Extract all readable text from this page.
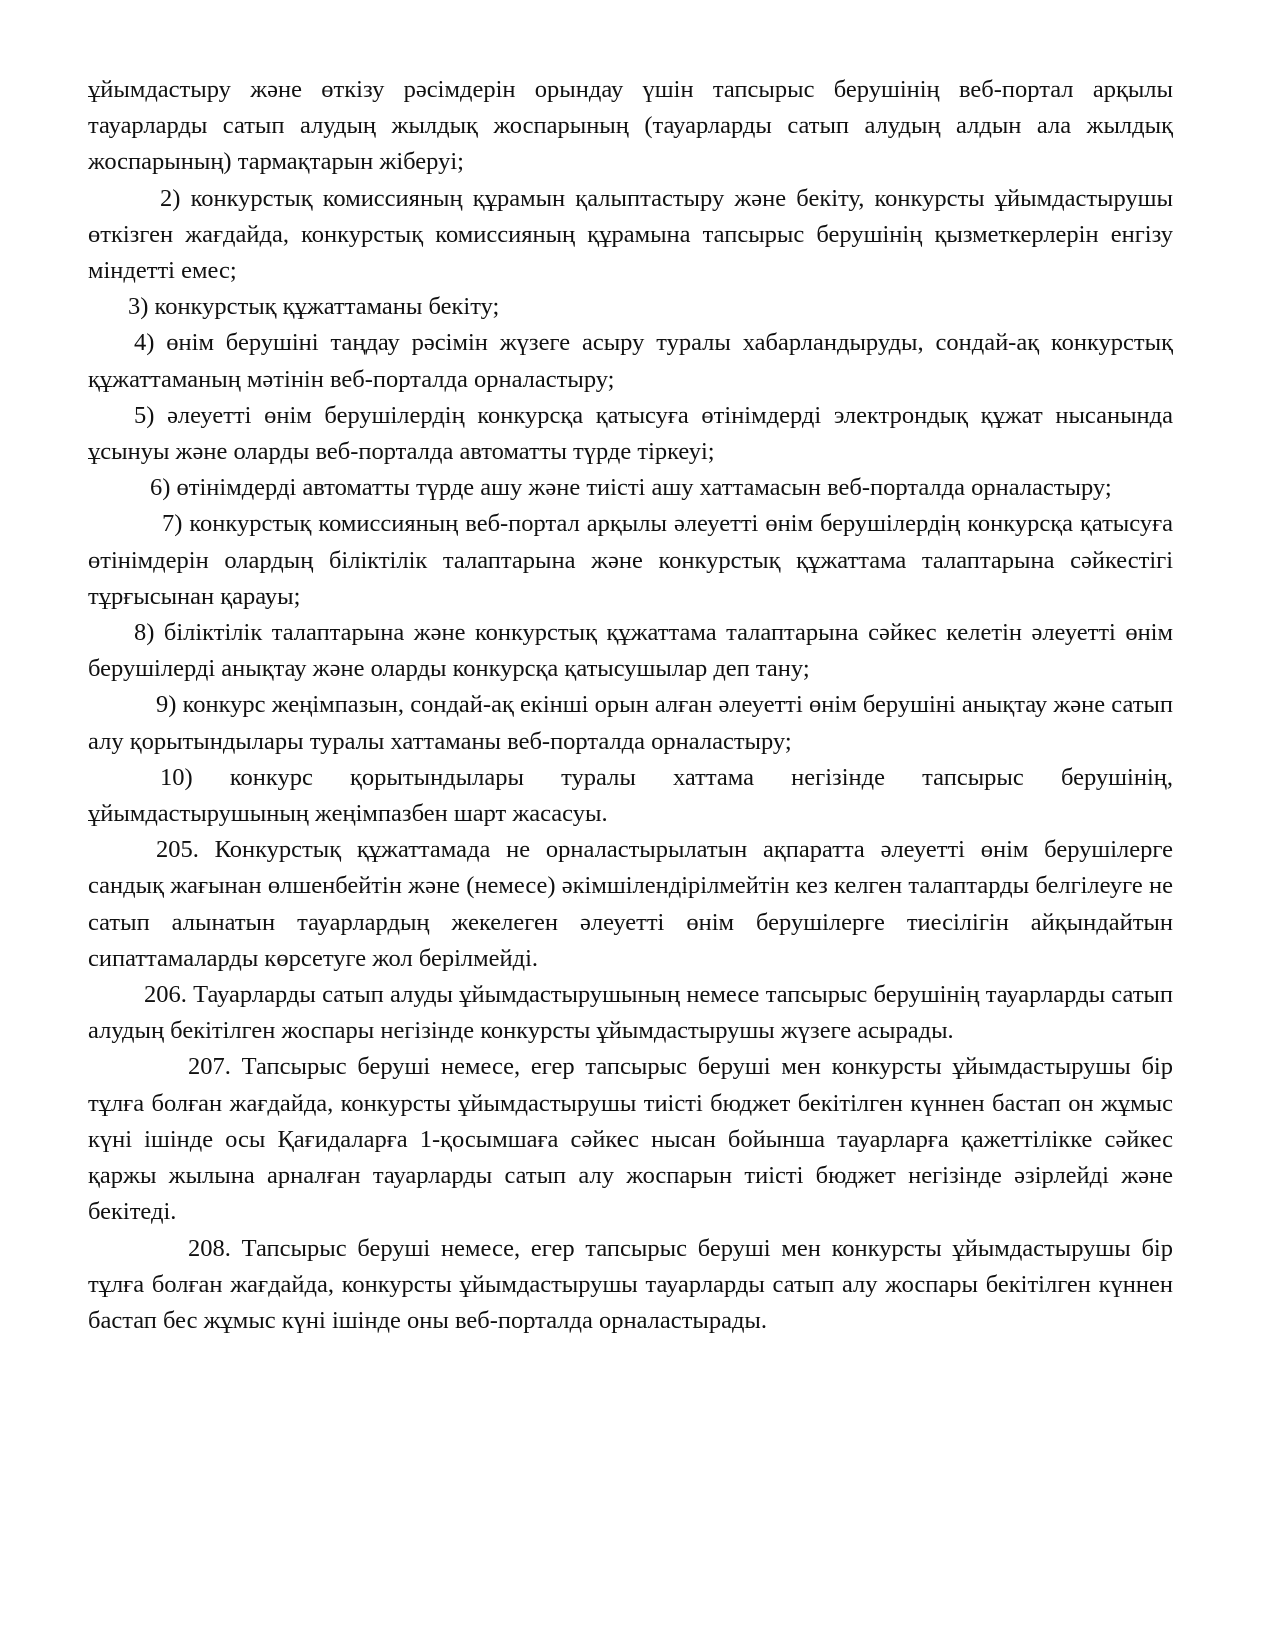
ұйымдастыру және өткізу рәсімдерін орындау үшін тапсырыс берушінің веб-портал арқылы тауарларды сатып алудың жылдық жоспарының (тауарларды сатып алудың алдын ала жылдық жоспарының) тармақтарын жіберуі;

2) конкурстық комиссияның құрамын қалыптастыру және бекіту, конкурсты ұйымдастырушы өткізген жағдайда, конкурстық комиссияның құрамына тапсырыс берушінің қызметкерлерін енгізу міндетті емес;

3) конкурстық құжаттаманы бекіту;

4) өнім берушіні таңдау рәсімін жүзеге асыру туралы хабарландыруды, сондай-ақ конкурстық құжаттаманың мәтінін веб-порталда орналастыру;

5) әлеуетті өнім берушілердің конкурсқа қатысуға өтінімдерді электрондық құжат нысанында ұсынуы және оларды веб-порталда автоматты түрде тіркеуі;

6) өтінімдерді автоматты түрде ашу және тиісті ашу хаттамасын веб-порталда орналастыру;

7) конкурстық комиссияның веб-портал арқылы әлеуетті өнім берушілердің конкурсқа қатысуға өтінімдерін олардың біліктілік талаптарына және конкурстық құжаттама талаптарына сәйкестігі тұрғысынан қарауы;

8) біліктілік талаптарына және конкурстық құжаттама талаптарына сәйкес келетін әлеуетті өнім берушілерді анықтау және оларды конкурсқа қатысушылар деп тану;

9) конкурс жеңімпазын, сондай-ақ екінші орын алған әлеуетті өнім берушіні анықтау және сатып алу қорытындылары туралы хаттаманы веб-порталда орналастыру;

10) конкурс қорытындылары туралы хаттама негізінде тапсырыс берушінің, ұйымдастырушының жеңімпазбен шарт жасасуы.

205. Конкурстық құжаттамада не орналастырылатын ақпаратта әлеуетті өнім берушілерге сандық жағынан өлшенбейтін және (немесе) әкімшілендірілмейтін кез келген талаптарды белгілеуге не сатып алынатын тауарлардың жекелеген әлеуетті өнім берушілерге тиесілігін айқындайтын сипаттамаларды көрсетуге жол берілмейді.

206. Тауарларды сатып алуды ұйымдастырушының немесе тапсырыс берушінің тауарларды сатып алудың бекітілген жоспары негізінде конкурсты ұйымдастырушы жүзеге асырады.

207. Тапсырыс беруші немесе, егер тапсырыс беруші мен конкурсты ұйымдастырушы бір тұлға болған жағдайда, конкурсты ұйымдастырушы тиісті бюджет бекітілген күннен бастап он жұмыс күні ішінде осы Қағидаларға 1-қосымшаға сәйкес нысан бойынша тауарларға қажеттілікке сәйкес қаржы жылына арналған тауарларды сатып алу жоспарын тиісті бюджет негізінде әзірлейді және бекітеді.

208. Тапсырыс беруші немесе, егер тапсырыс беруші мен конкурсты ұйымдастырушы бір тұлға болған жағдайда, конкурсты ұйымдастырушы тауарларды сатып алу жоспары бекітілген күннен бастап бес жұмыс күні ішінде оны веб-порталда орналастырады.
